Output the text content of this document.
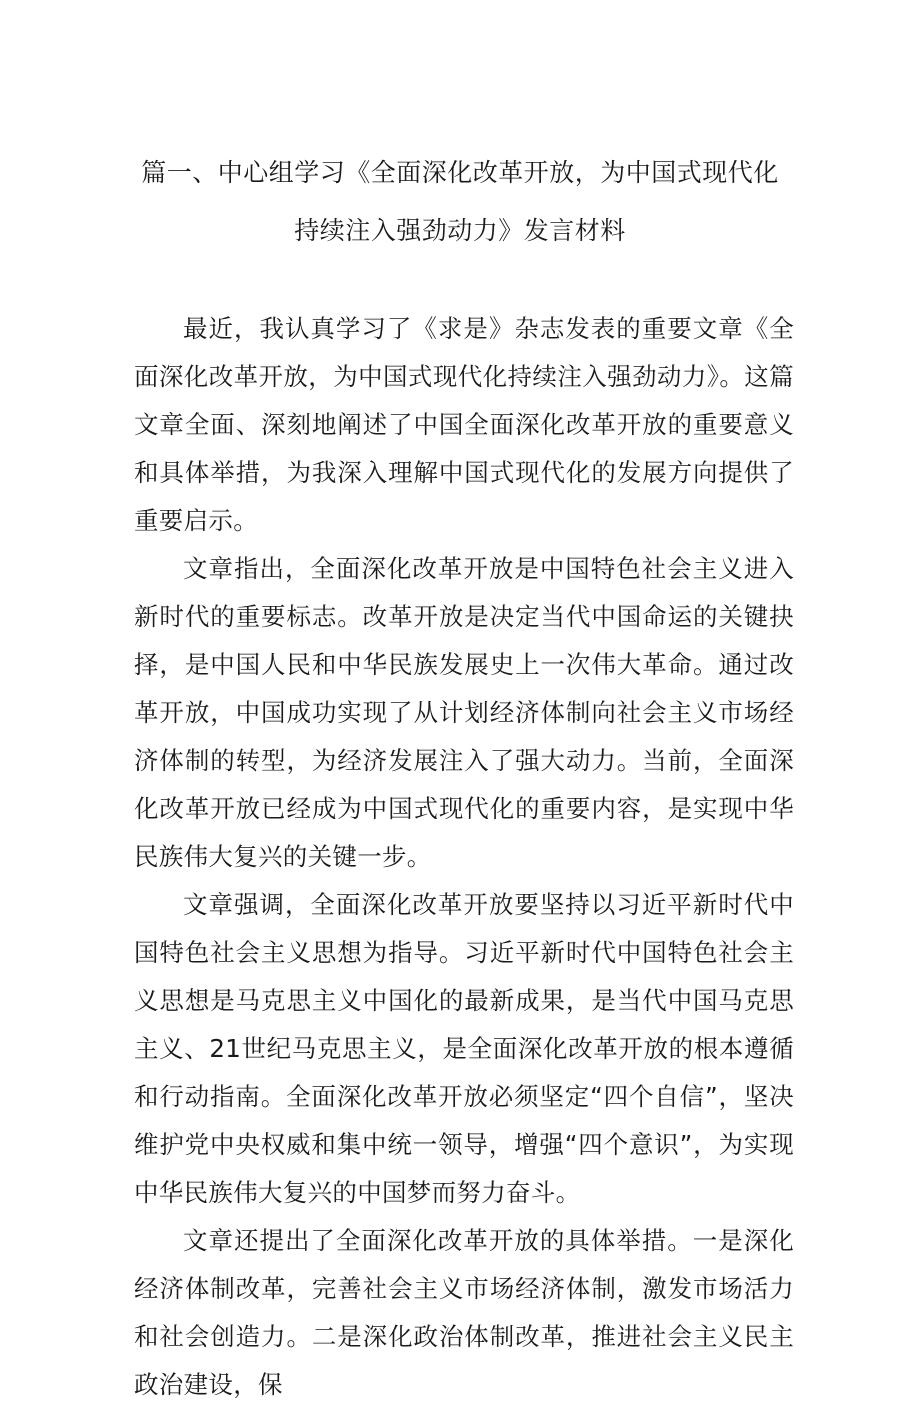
篇一、中心组学习《全面深化改革开放，为中国式现代化
持续注入强劲动力》发言材料

最近，我认真学习了《求是》杂志发表的重要文章《全面深化改革开放，为中国式现代化持续注入强劲动力》。这篇文章全面、深刻地阐述了中国全面深化改革开放的重要意义和具体举措，为我深入理解中国式现代化的发展方向提供了重要启示。

文章指出，全面深化改革开放是中国特色社会主义进入新时代的重要标志。改革开放是决定当代中国命运的关键抉择，是中国人民和中华民族发展史上一次伟大革命。通过改革开放，中国成功实现了从计划经济体制向社会主义市场经济体制的转型，为经济发展注入了强大动力。当前，全面深化改革开放已经成为中国式现代化的重要内容，是实现中华民族伟大复兴的关键一步。

文章强调，全面深化改革开放要坚持以习近平新时代中国特色社会主义思想为指导。习近平新时代中国特色社会主义思想是马克思主义中国化的最新成果，是当代中国马克思主义、21世纪马克思主义，是全面深化改革开放的根本遵循和行动指南。全面深化改革开放必须坚定“四个自信”，坚决维护党中央权威和集中统一领导，增强“四个意识”，为实现中华民族伟大复兴的中国梦而努力奋斗。

文章还提出了全面深化改革开放的具体举措。一是深化经济体制改革，完善社会主义市场经济体制，激发市场活力和社会创造力。二是深化政治体制改革，推进社会主义民主政治建设，保
